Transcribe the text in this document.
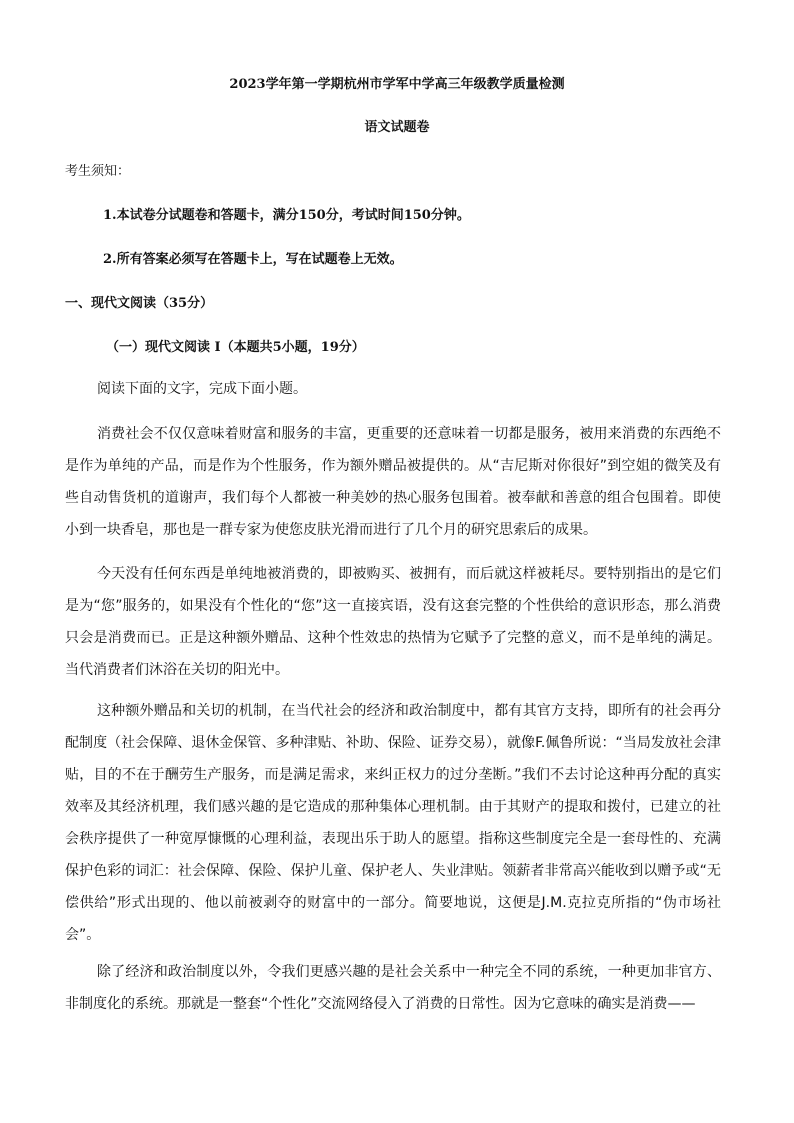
2023学年第一学期杭州市学军中学高三年级教学质量检测
语文试题卷
考生须知：
1.本试卷分试题卷和答题卡，满分150分，考试时间150分钟。
2.所有答案必须写在答题卡上，写在试题卷上无效。
一、现代文阅读（35分）
（一）现代文阅读 I（本题共5小题，19分）
阅读下面的文字，完成下面小题。
消费社会不仅仅意味着财富和服务的丰富，更重要的还意味着一切都是服务，被用来消费的东西绝不是作为单纯的产品，而是作为个性服务，作为额外赠品被提供的。从“吉尼斯对你很好”到空姐的微笑及有些自动售货机的道谢声，我们每个人都被一种美妙的热心服务包围着。被奉献和善意的组合包围着。即使小到一块香皂，那也是一群专家为使您皮肤光滑而进行了几个月的研究思索后的成果。
今天没有任何东西是单纯地被消费的，即被购买、被拥有，而后就这样被耗尽。要特别指出的是它们是为“您”服务的，如果没有个性化的“您”这一直接宾语，没有这套完整的个性供给的意识形态，那么消费只会是消费而已。正是这种额外赠品、这种个性效忠的热情为它赋予了完整的意义，而不是单纯的满足。当代消费者们沐浴在关切的阳光中。
这种额外赠品和关切的机制，在当代社会的经济和政治制度中，都有其官方支持，即所有的社会再分配制度（社会保障、退休金保管、多种津贴、补助、保险、证券交易），就像F.佩鲁所说：“当局发放社会津贴，目的不在于酬劳生产服务，而是满足需求，来纠正权力的过分垄断。”我们不去讨论这种再分配的真实效率及其经济机理，我们感兴趣的是它造成的那种集体心理机制。由于其财产的提取和拨付，已建立的社会秩序提供了一种宽厚慷慨的心理利益，表现出乐于助人的愿望。指称这些制度完全是一套母性的、充满保护色彩的词汇：社会保障、保险、保护儿童、保护老人、失业津贴。领薪者非常高兴能收到以赠予或“无偿供给”形式出现的、他以前被剥夺的财富中的一部分。简要地说，这便是J.M.克拉克所指的“伪市场社会”。
除了经济和政治制度以外，令我们更感兴趣的是社会关系中一种完全不同的系统，一种更加非官方、非制度化的系统。那就是一整套“个性化”交流网络侵入了消费的日常性。因为它意味的确实是消费——
